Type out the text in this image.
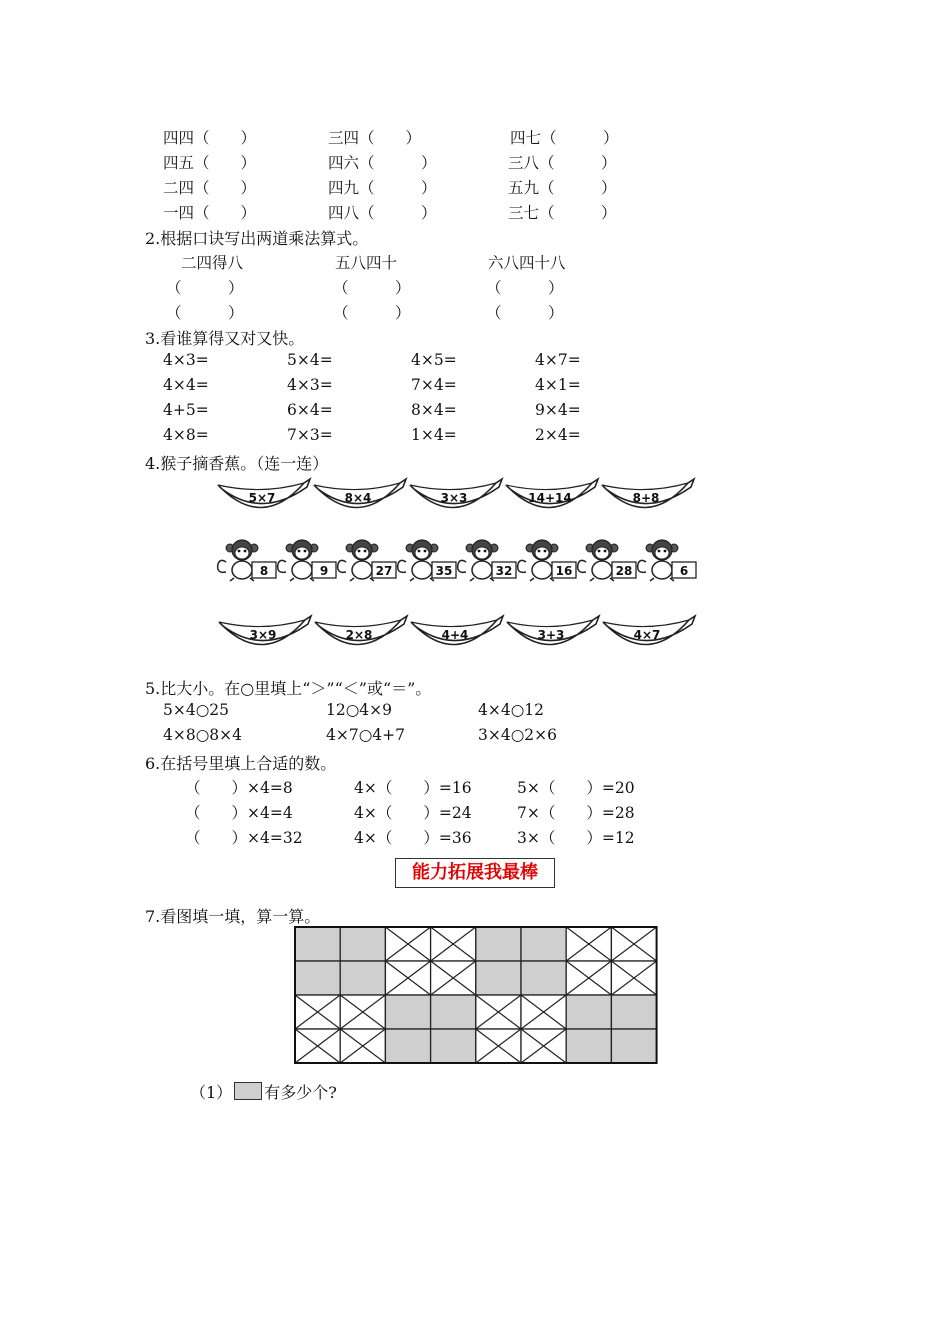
四四（　　）	三四（　　）	四七（　　　）
四五（　　）	四六（　　　）	三八（　　　）
二四（　　）	四九（　　　）	五九（　　　）
一四（　　）	四八（　　　）	三七（　　　）
2.根据口诀写出两道乘法算式。
二四得八	五八四十	六八四十八
（　　　）	（　　　）	（　　　）
（　　　）	（　　　）	（　　　）
3.看谁算得又对又快。
4×3=	5×4=	4×5=	4×7=
4×4=	4×3=	7×4=	4×1=
4+5=	6×4=	8×4=	9×4=
4×8=	7×3=	1×4=	2×4=
4.猴子摘香蕉。（连一连）
5×7	8×4	3×3	14+14	8+8
8	9	27	35	32	16	28	6
3×9	2×8	4+4	3+3	4×7
5.比大小。在○里填上“＞”“＜”或“＝”。
5×4○25	12○4×9	4×4○12
4×8○8×4	4×7○4+7	3×4○2×6
6.在括号里填上合适的数。
（　　）×4=8	4×（　　）=16	5×（　　）=20
（　　）×4=4	4×（　　）=24	7×（　　）=28
（　　）×4=32	4×（　　）=36	3×（　　）=12
能力拓展我最棒
7.看图填一填，算一算。
（1） 有多少个?
